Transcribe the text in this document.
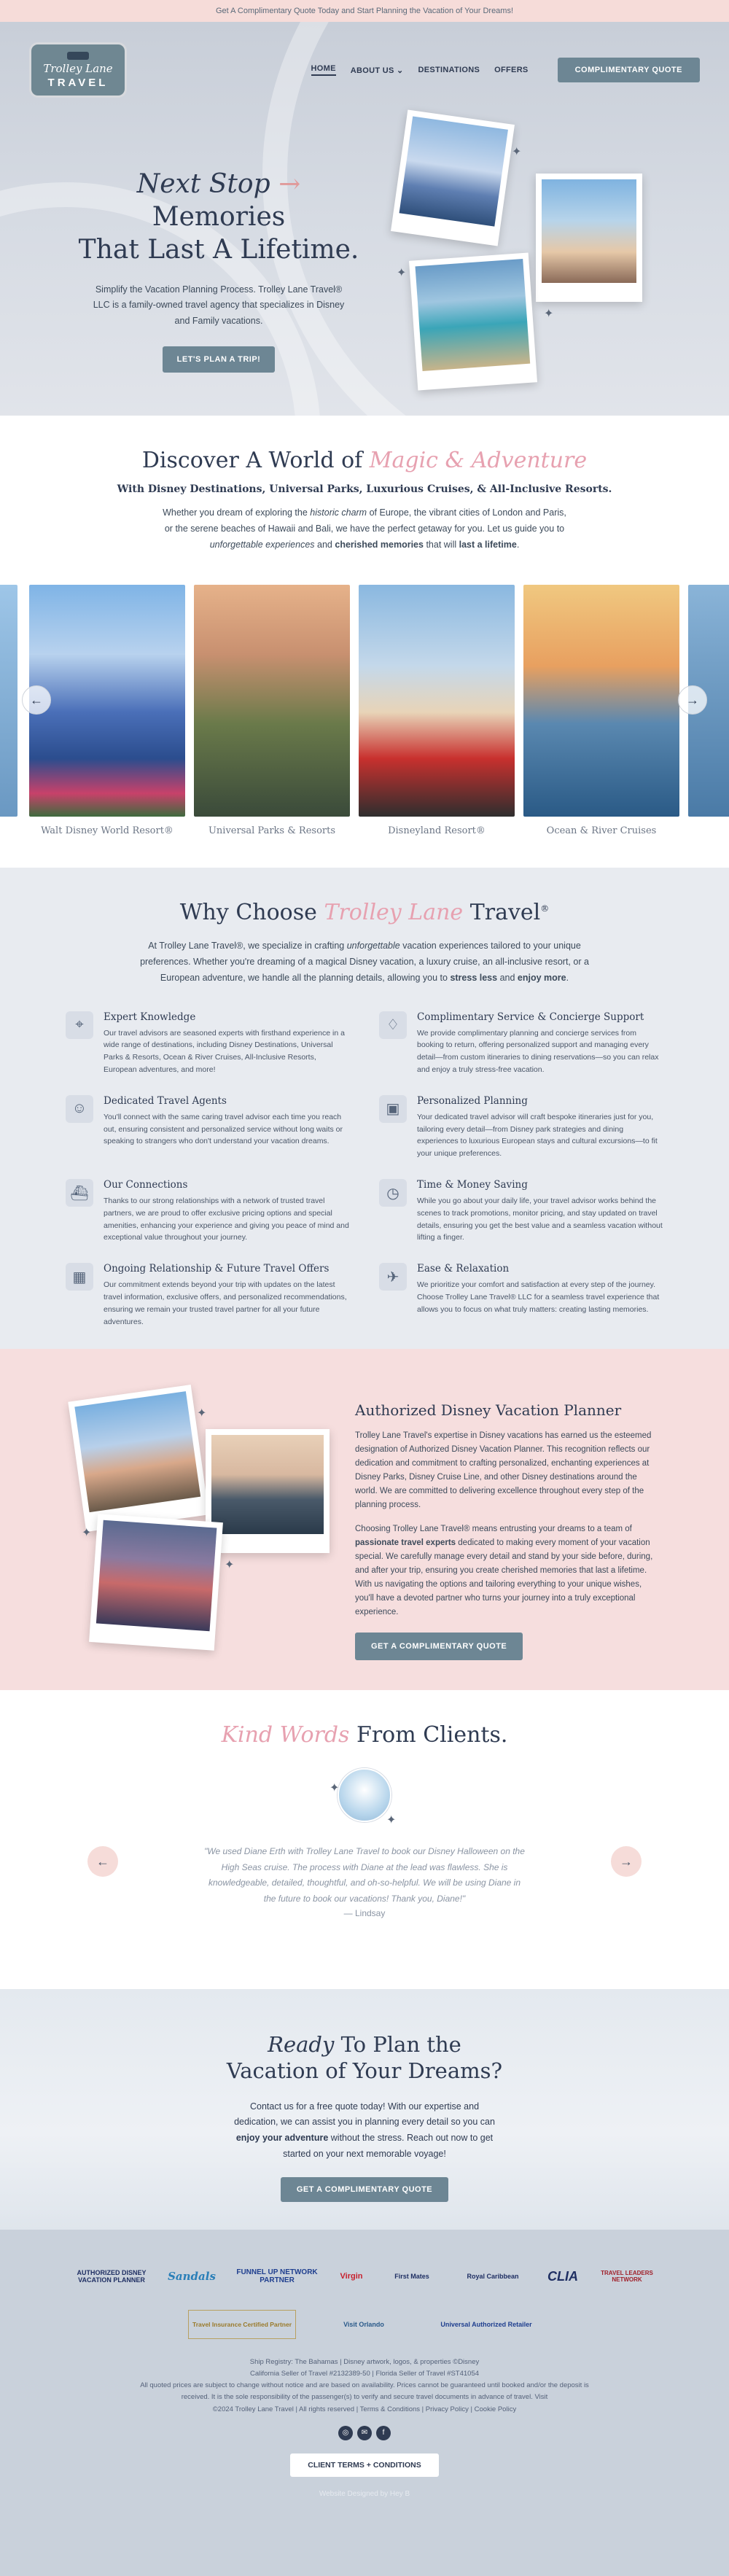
Get A Complimentary Quote Today and Start Planning the Vacation of Your Dreams!
Trolley Lane
TRAVEL
HOME ABOUT US ⌄ DESTINATIONS OFFERS	COMPLIMENTARY QUOTE
Next Stop → Memories
That Last A Lifetime.
Simplify the Vacation Planning Process. Trolley Lane Travel® LLC is a family-owned travel agency that specializes in Disney and Family vacations.
LET'S PLAN A TRIP!
✦
✦
✦
Discover A World of Magic & Adventure
With Disney Destinations, Universal Parks, Luxurious Cruises, & All-Inclusive Resorts.
Whether you dream of exploring the historic charm of Europe, the vibrant cities of London and Paris, or the serene beaches of Hawaii and Bali, we have the perfect getaway for you. Let us guide you to unforgettable experiences and cherished memories that will last a lifetime.
Walt Disney World Resort®	Universal Parks & Resorts	Disneyland Resort®	Ocean & River Cruises
←	→
Why Choose Trolley Lane Travel®
At Trolley Lane Travel®, we specialize in crafting unforgettable vacation experiences tailored to your unique preferences. Whether you're dreaming of a magical Disney vacation, a luxury cruise, an all-inclusive resort, or a European adventure, we handle all the planning details, allowing you to stress less and enjoy more.
⌖	Expert Knowledge

Our travel advisors are seasoned experts with firsthand experience in a wide range of destinations, including Disney Destinations, Universal Parks & Resorts, Ocean & River Cruises, All-Inclusive Resorts, European adventures, and more!

♢
Complimentary Service & Concierge Support

We provide complimentary planning and concierge services from booking to return, offering personalized support and managing every detail—from custom itineraries to dining reservations—so you can relax and enjoy a truly stress-free vacation.

☺	Dedicated Travel Agents

You'll connect with the same caring travel advisor each time you reach out, ensuring consistent and personalized service without long waits or speaking to strangers who don't understand your vacation dreams.

▣
Personalized Planning

Your dedicated travel advisor will craft bespoke itineraries just for you, tailoring every detail—from Disney park strategies and dining experiences to luxurious European stays and cultural excursions—to fit your unique preferences.

⛴
Our Connections

Thanks to our strong relationships with a network of trusted travel partners, we are proud to offer exclusive pricing options and special amenities, enhancing your experience and giving you peace of mind and exceptional value throughout your journey.

◷
Time & Money Saving

While you go about your daily life, your travel advisor works behind the scenes to track promotions, monitor pricing, and stay updated on travel details, ensuring you get the best value and a seamless vacation without lifting a finger.

▦
Ongoing Relationship & Future Travel Offers

Our commitment extends beyond your trip with updates on the latest travel information, exclusive offers, and personalized recommendations, ensuring we remain your trusted travel partner for all your future adventures.

✈
Ease & Relaxation

We prioritize your comfort and satisfaction at every step of the journey. Choose Trolley Lane Travel® LLC for a seamless travel experience that allows you to focus on what truly matters: creating lasting memories.

✦
✦
✦
Authorized Disney Vacation Planner

Trolley Lane Travel's expertise in Disney vacations has earned us the esteemed designation of Authorized Disney Vacation Planner. This recognition reflects our dedication and commitment to crafting personalized, enchanting experiences at Disney Parks, Disney Cruise Line, and other Disney destinations around the world. We are committed to delivering excellence throughout every step of the planning process.

Choosing Trolley Lane Travel® means entrusting your dreams to a team of passionate travel experts dedicated to making every moment of your vacation special. We carefully manage every detail and stand by your side before, during, and after your trip, ensuring you create cherished memories that last a lifetime. With us navigating the options and tailoring everything to your unique wishes, you'll have a devoted partner who turns your journey into a truly exceptional experience.

GET A COMPLIMENTARY QUOTE
Kind Words From Clients.
✦
✦
"We used Diane Erth with Trolley Lane Travel to book our Disney Halloween on the High Seas cruise. The process with Diane at the lead was flawless. She is knowledgeable, detailed, thoughtful, and oh-so-helpful. We will be using Diane in the future to book our vacations! Thank you, Diane!"
— Lindsay
←	→
Ready To Plan the
Vacation of Your Dreams?
Contact us for a free quote today! With our expertise and dedication, we can assist you in planning every detail so you can enjoy your adventure without the stress. Reach out now to get started on your next memorable voyage!
GET A COMPLIMENTARY QUOTE
AUTHORIZED DISNEY VACATION PLANNER	Sandals	FUNNEL UP NETWORK PARTNER	Virgin	First Mates	Royal Caribbean	CLIA	TRAVEL LEADERS NETWORK
Travel Insurance Certified Partner	Visit Orlando	Universal Authorized Retailer
Ship Registry: The Bahamas | Disney artwork, logos, & properties ©Disney
California Seller of Travel #2132389-50 | Florida Seller of Travel #ST41054
All quoted prices are subject to change without notice and are based on availability. Prices cannot be guaranteed until booked and/or the deposit is
received. It is the sole responsibility of the passenger(s) to verify and secure travel documents in advance of travel. Visit
©2024 Trolley Lane Travel | All rights reserved | Terms & Conditions | Privacy Policy | Cookie Policy
◎	✉	f
CLIENT TERMS + CONDITIONS
Website Designed by Hey B
